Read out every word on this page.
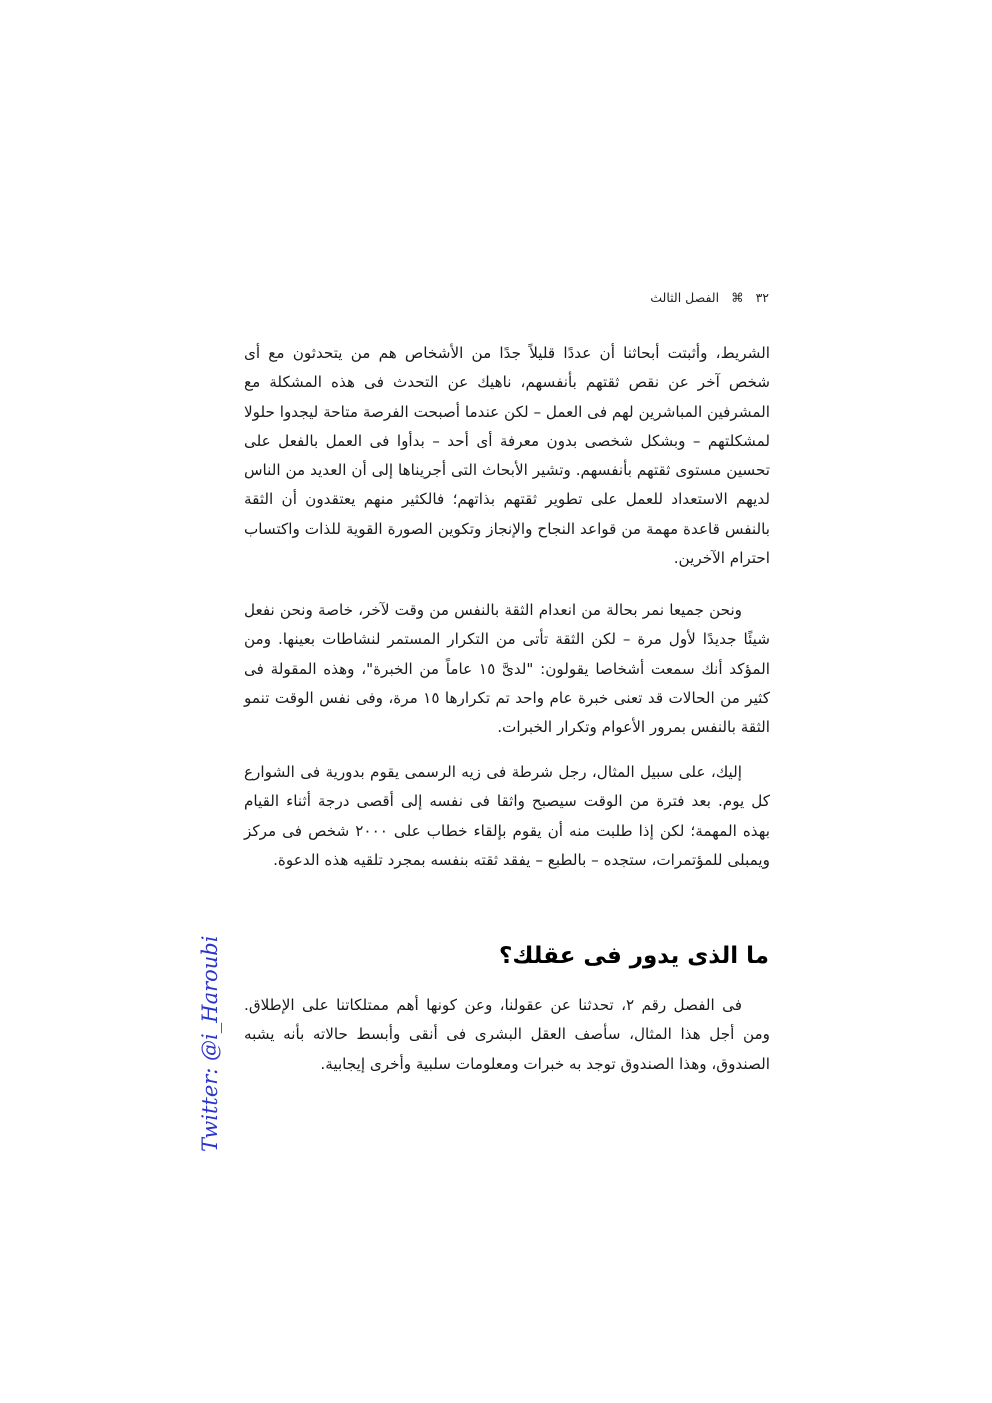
٣٢ ⌘ الفصل الثالث

الشريط، وأثبتت أبحاثنا أن عددًا قليلاً جدًا من الأشخاص هم من يتحدثون مع أى شخص آخر عن نقص ثقتهم بأنفسهم، ناهيك عن التحدث فى هذه المشكلة مع المشرفين المباشرين لهم فى العمل – لكن عندما أصبحت الفرصة متاحة ليجدوا حلولا لمشكلتهم – وبشكل شخصى بدون معرفة أى أحد – بدأوا فى العمل بالفعل على تحسين مستوى ثقتهم بأنفسهم. وتشير الأبحاث التى أجريناها إلى أن العديد من الناس لديهم الاستعداد للعمل على تطوير ثقتهم بذاتهم؛ فالكثير منهم يعتقدون أن الثقة بالنفس قاعدة مهمة من قواعد النجاح والإنجاز وتكوين الصورة القوية للذات واكتساب احترام الآخرين.

ونحن جميعا نمر بحالة من انعدام الثقة بالنفس من وقت لآخر، خاصة ونحن نفعل شيئًا جديدًا لأول مرة – لكن الثقة تأتى من التكرار المستمر لنشاطات بعينها. ومن المؤكد أنك سمعت أشخاصا يقولون: "لدىَّ ١٥ عاماً من الخبرة"، وهذه المقولة فى كثير من الحالات قد تعنى خبرة عام واحد تم تكرارها ١٥ مرة، وفى نفس الوقت تنمو الثقة بالنفس بمرور الأعوام وتكرار الخبرات.

إليك، على سبيل المثال، رجل شرطة فى زيه الرسمى يقوم بدورية فى الشوارع كل يوم. بعد فترة من الوقت سيصبح واثقا فى نفسه إلى أقصى درجة أثناء القيام بهذه المهمة؛ لكن إذا طلبت منه أن يقوم بإلقاء خطاب على ٢٠٠٠ شخص فى مركز ويمبلى للمؤتمرات، ستجده – بالطبع – يفقد ثقته بنفسه بمجرد تلقيه هذه الدعوة.

ما الذى يدور فى عقلك؟

فى الفصل رقم ٢، تحدثنا عن عقولنا، وعن كونها أهم ممتلكاتنا على الإطلاق. ومن أجل هذا المثال، سأصف العقل البشرى فى أنقى وأبسط حالاته بأنه يشبه الصندوق، وهذا الصندوق توجد به خبرات ومعلومات سلبية وأخرى إيجابية.

Twitter: @i_Haroubi
